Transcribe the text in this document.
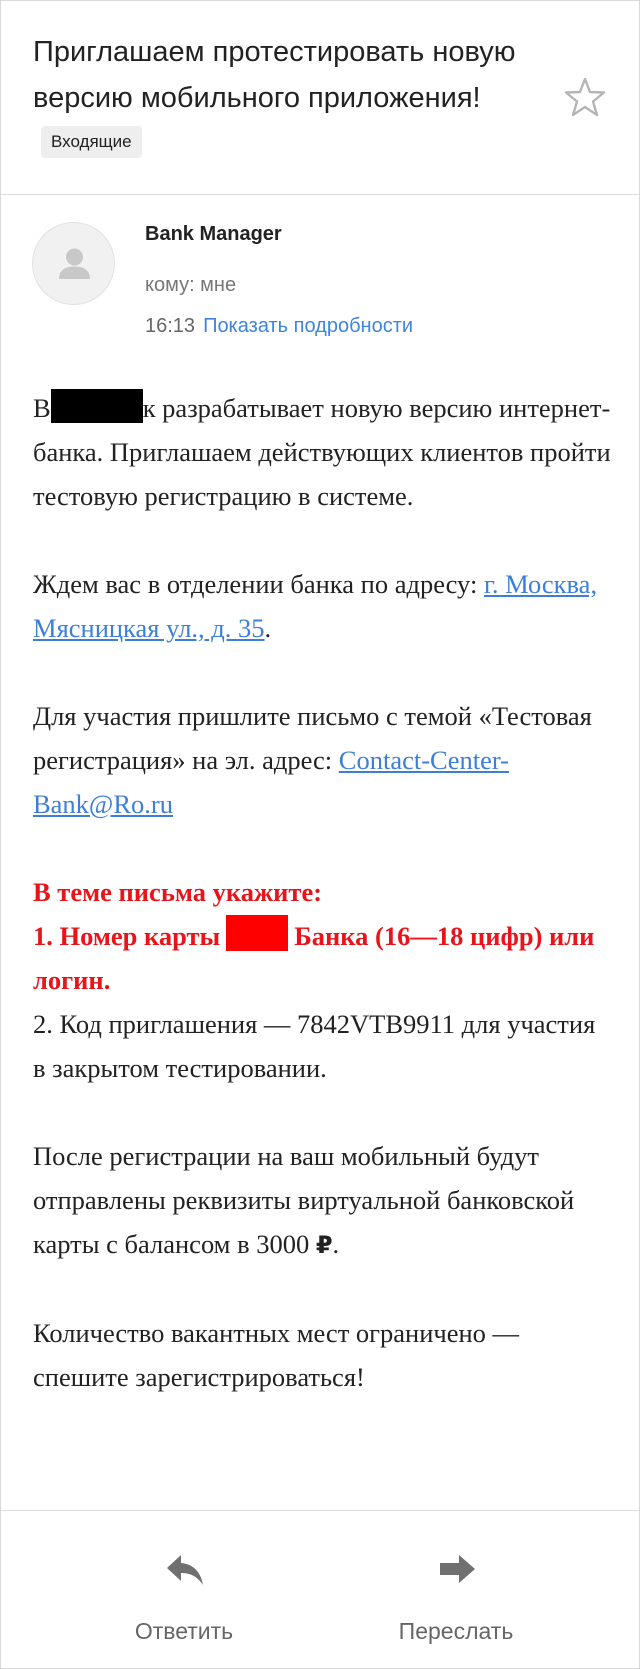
Приглашаем протестировать новую версию мобильного приложения!Входящие
Bank Manager
кому: мне
16:13 Показать подробности

В	к разрабатывает новую версию интернет-банка. Приглашаем действующих клиентов пройти тестовую регистрацию в системе.

Ждем вас в отделении банка по адресу: г. Москва, Мясницкая ул., д. 35.

Для участия пришлите письмо с темой «Тестовая регистрация» на эл. адрес: Contact-Center-Bank@Ro.ru

В теме письма укажите:

1. Номер карты	Банка (16—18 цифр) или логин.

2. Код приглашения — 7842VTB9911 для участия в закрытом тестировании.

После регистрации на ваш мобильный будут отправлены реквизиты виртуальной банковской карты с балансом в 3000 ₽.

Количество вакантных мест ограничено — спешите зарегистрироваться!

Ответить	Переслать
